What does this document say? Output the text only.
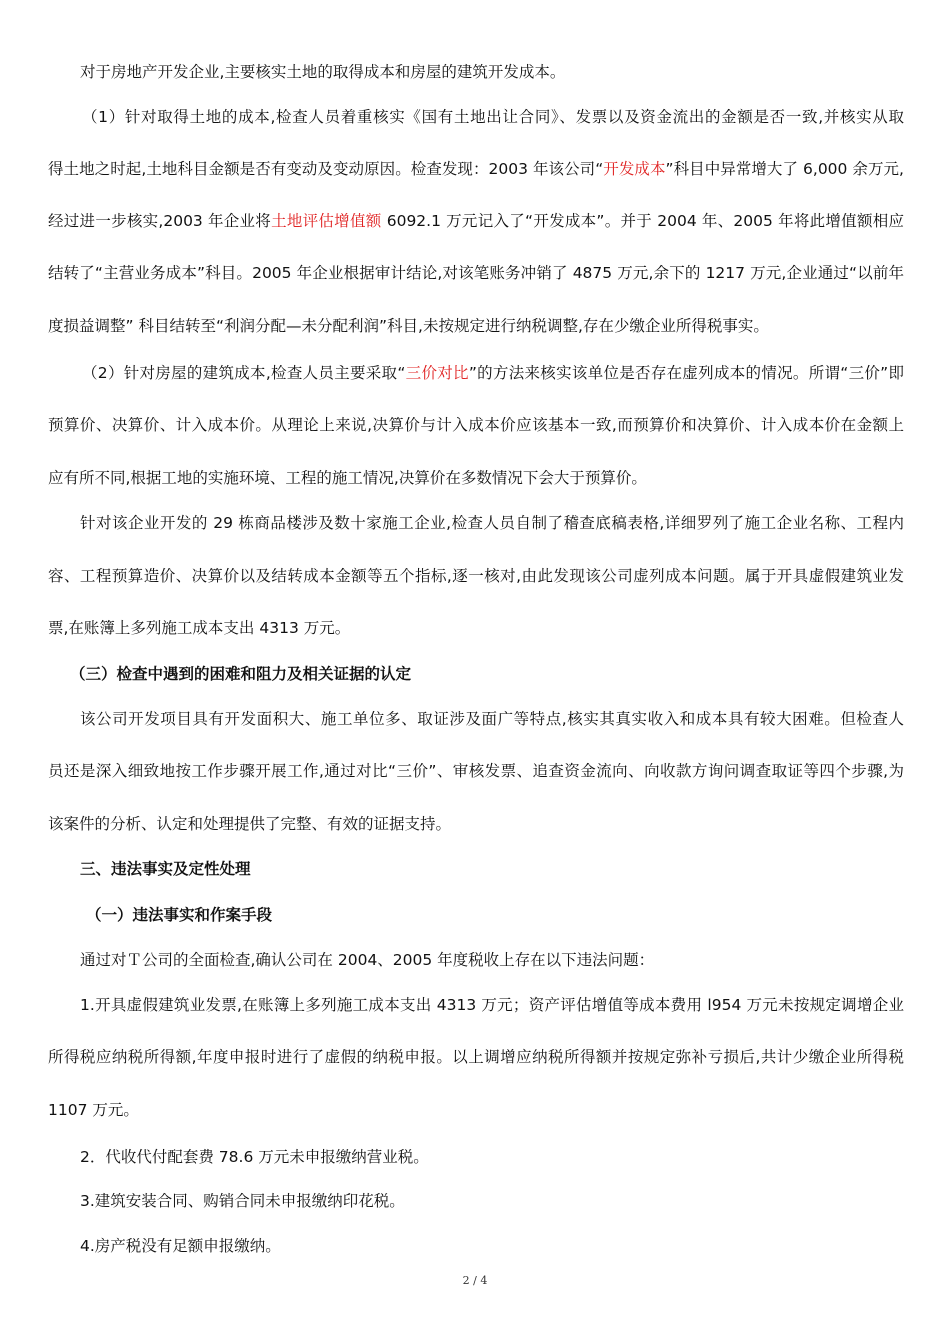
对于房地产开发企业,主要核实土地的取得成本和房屋的建筑开发成本。
（1）针对取得土地的成本,检查人员着重核实《国有土地出让合同》、发票以及资金流出的金额是否一致,并核实从取
得土地之时起,土地科目金额是否有变动及变动原因。检查发现：2003 年该公司“开发成本”科目中异常增大了 6,000 余万元,
经过进一步核实,2003 年企业将土地评估增值额 6092.1 万元记入了“开发成本”。并于 2004 年、2005 年将此增值额相应
结转了“主营业务成本”科目。2005 年企业根据审计结论,对该笔账务冲销了 4875 万元,余下的 1217 万元,企业通过“以前年
度损益调整” 科目结转至“利润分配—未分配利润”科目,未按规定进行纳税调整,存在少缴企业所得税事实。
（2）针对房屋的建筑成本,检查人员主要采取“三价对比”的方法来核实该单位是否存在虚列成本的情况。所谓“三价”即
预算价、决算价、计入成本价。从理论上来说,决算价与计入成本价应该基本一致,而预算价和决算价、计入成本价在金额上
应有所不同,根据工地的实施环境、工程的施工情况,决算价在多数情况下会大于预算价。
针对该企业开发的 29 栋商品楼涉及数十家施工企业,检查人员自制了稽查底稿表格,详细罗列了施工企业名称、工程内
容、工程预算造价、决算价以及结转成本金额等五个指标,逐一核对,由此发现该公司虚列成本问题。属于开具虚假建筑业发
票,在账簿上多列施工成本支出 4313 万元。
（三）检查中遇到的困难和阻力及相关证据的认定
该公司开发项目具有开发面积大、施工单位多、取证涉及面广等特点,核实其真实收入和成本具有较大困难。但检查人
员还是深入细致地按工作步骤开展工作,通过对比“三价”、审核发票、追查资金流向、向收款方询问调查取证等四个步骤,为
该案件的分析、认定和处理提供了完整、有效的证据支持。
三、违法事实及定性处理
（一）违法事实和作案手段
通过对Ｔ公司的全面检查,确认公司在 2004、2005 年度税收上存在以下违法问题：
1.开具虚假建筑业发票,在账簿上多列施工成本支出 4313 万元；资产评估增值等成本费用 l954 万元未按规定调增企业
所得税应纳税所得额,年度申报时进行了虚假的纳税申报。以上调增应纳税所得额并按规定弥补亏损后,共计少缴企业所得税
1107 万元。
2．代收代付配套费 78.6 万元未申报缴纳营业税。
3.建筑安装合同、购销合同未申报缴纳印花税。
4.房产税没有足额申报缴纳。
2 / 4
